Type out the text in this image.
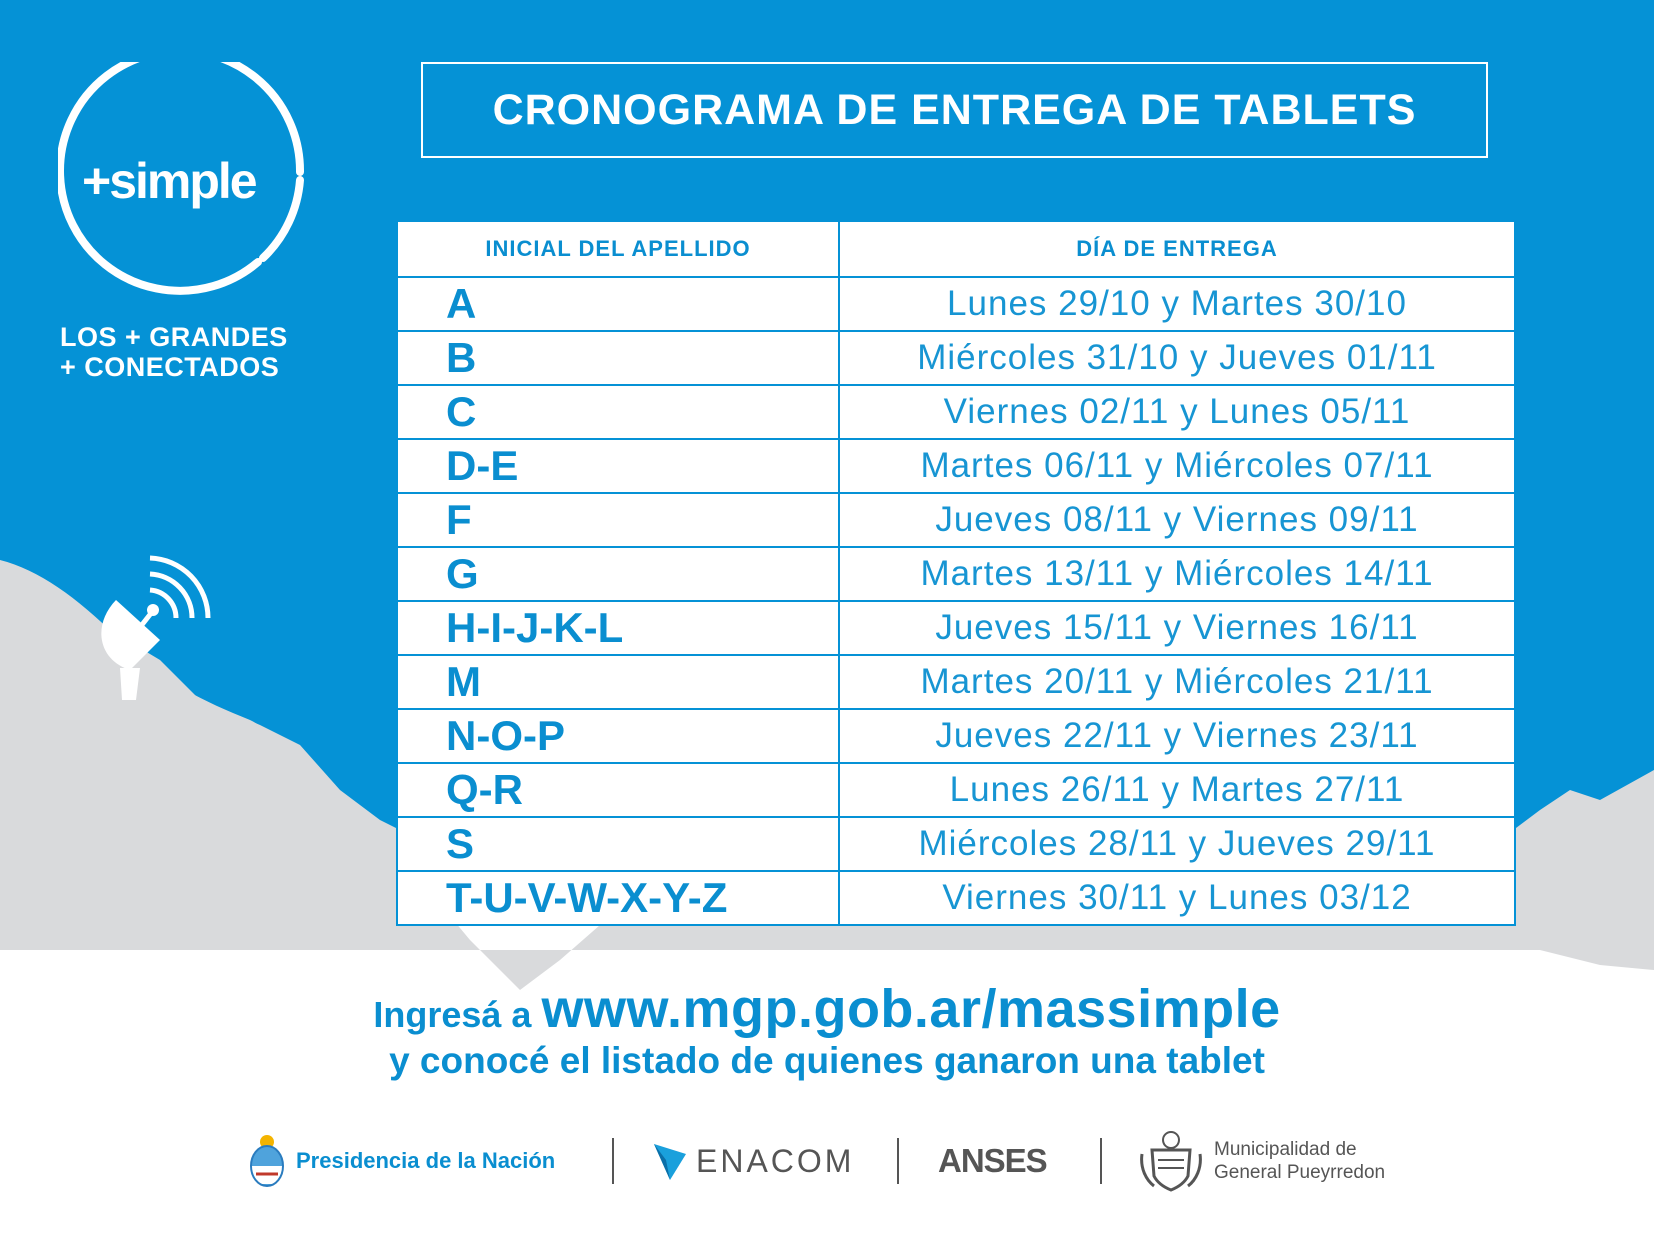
+simple
LOS + GRANDES
+ CONECTADOS
CRONOGRAMA DE ENTREGA DE TABLETS
INICIAL DEL APELLIDO	DÍA DE ENTREGA
A	Lunes 29/10 y Martes 30/10
B	Miércoles 31/10 y Jueves 01/11
C	Viernes 02/11 y Lunes 05/11
D-E	Martes 06/11 y Miércoles 07/11
F	Jueves 08/11 y Viernes 09/11
G	Martes 13/11 y Miércoles 14/11
H-I-J-K-L	Jueves 15/11 y Viernes 16/11
M	Martes 20/11 y Miércoles 21/11
N-O-P	Jueves 22/11 y Viernes 23/11
Q-R	Lunes 26/11 y Martes 27/11
S	Miércoles 28/11 y Jueves 29/11
T-U-V-W-X-Y-Z	Viernes 30/11 y Lunes 03/12
Ingresá a www.mgp.gob.ar/massimple
y conocé el listado de quienes ganaron una tablet
Presidencia de la Nación	ENACOM	ANSES	Municipalidad de
General Pueyrredon
